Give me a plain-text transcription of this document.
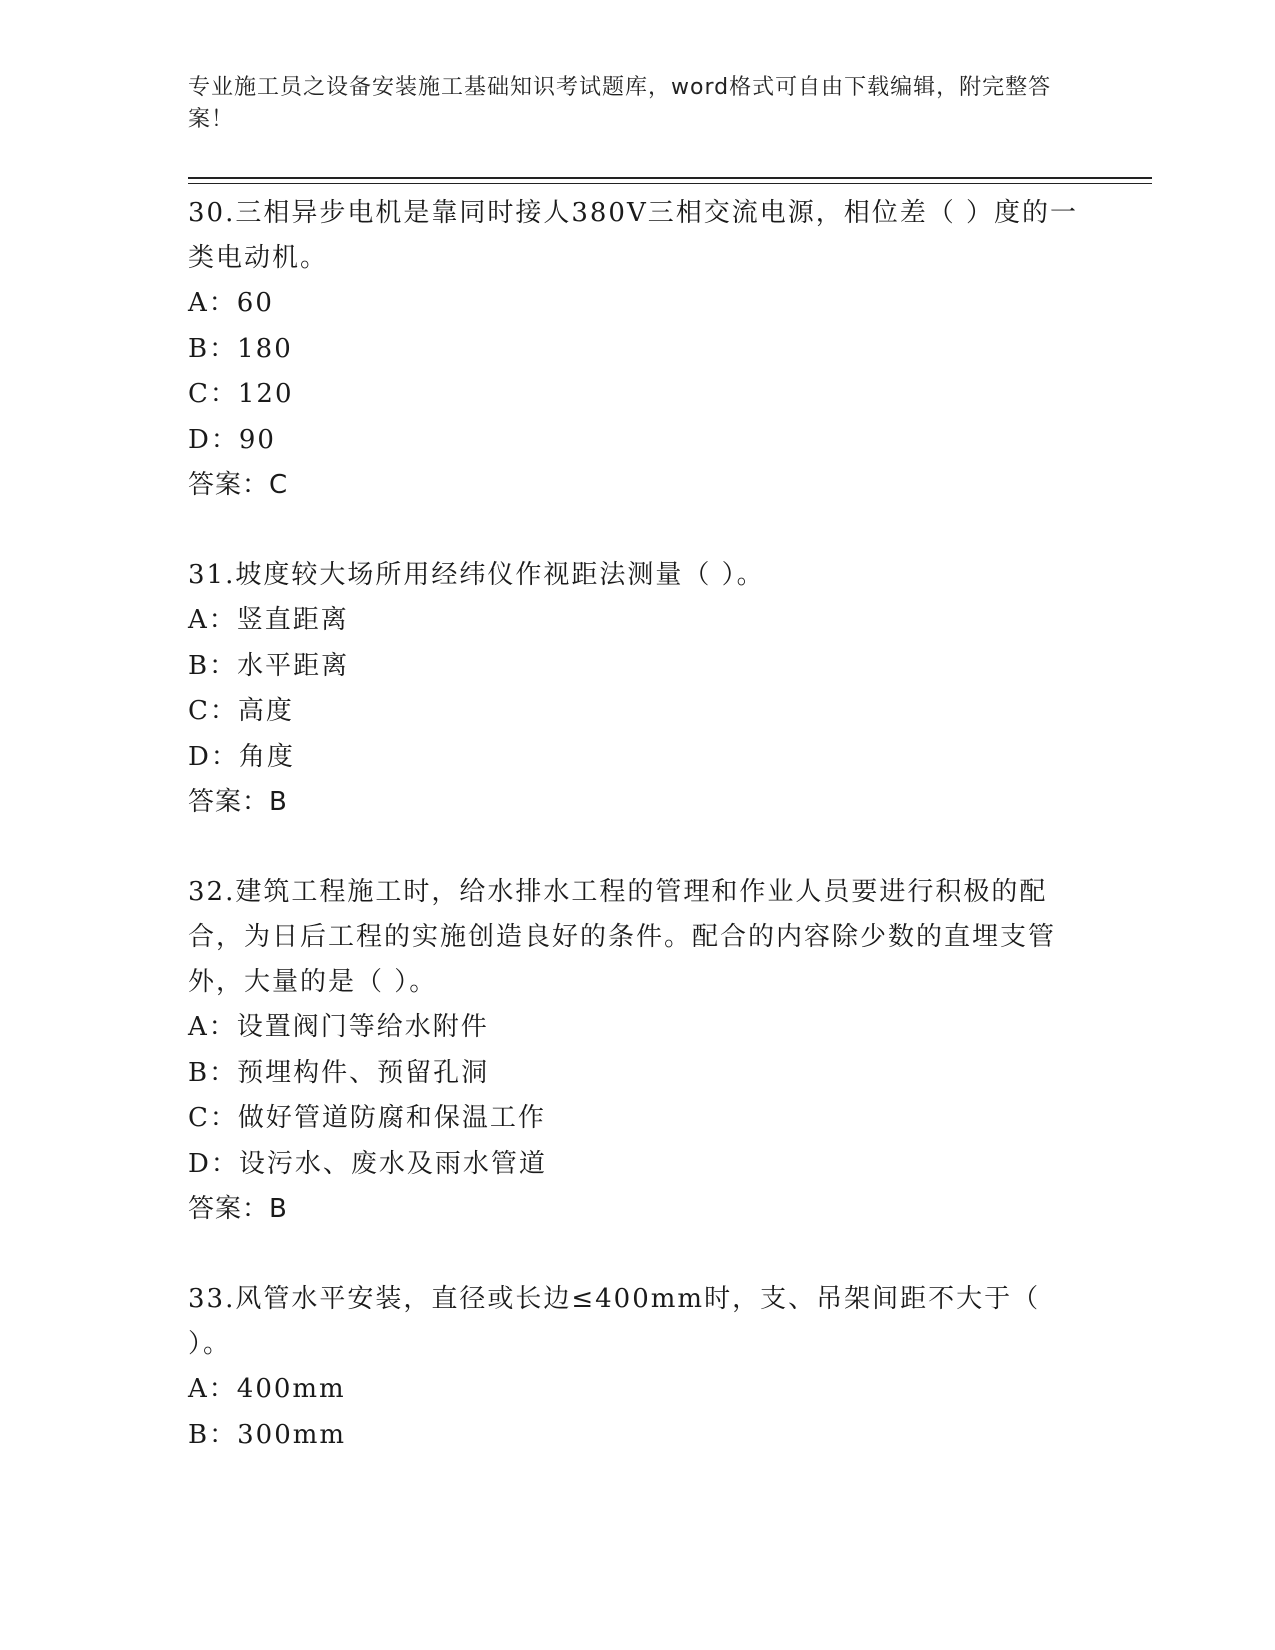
专业施工员之设备安装施工基础知识考试题库，word格式可自由下载编辑，附完整答案！

30.三相异步电机是靠同时接人380V三相交流电源，相位差（ ）度的一类电动机。

A：60

B：180

C：120

D：90

答案：C

31.坡度较大场所用经纬仪作视距法测量（ ）。

A：竖直距离

B：水平距离

C：高度

D：角度

答案：B

32.建筑工程施工时，给水排水工程的管理和作业人员要进行积极的配合，为日后工程的实施创造良好的条件。配合的内容除少数的直埋支管外，大量的是（ ）。

A：设置阀门等给水附件

B：预埋构件、预留孔洞

C：做好管道防腐和保温工作

D：设污水、废水及雨水管道

答案：B

33.风管水平安装，直径或长边≤400mm时，支、吊架间距不大于（ ）。

A：400mm

B：300mm
